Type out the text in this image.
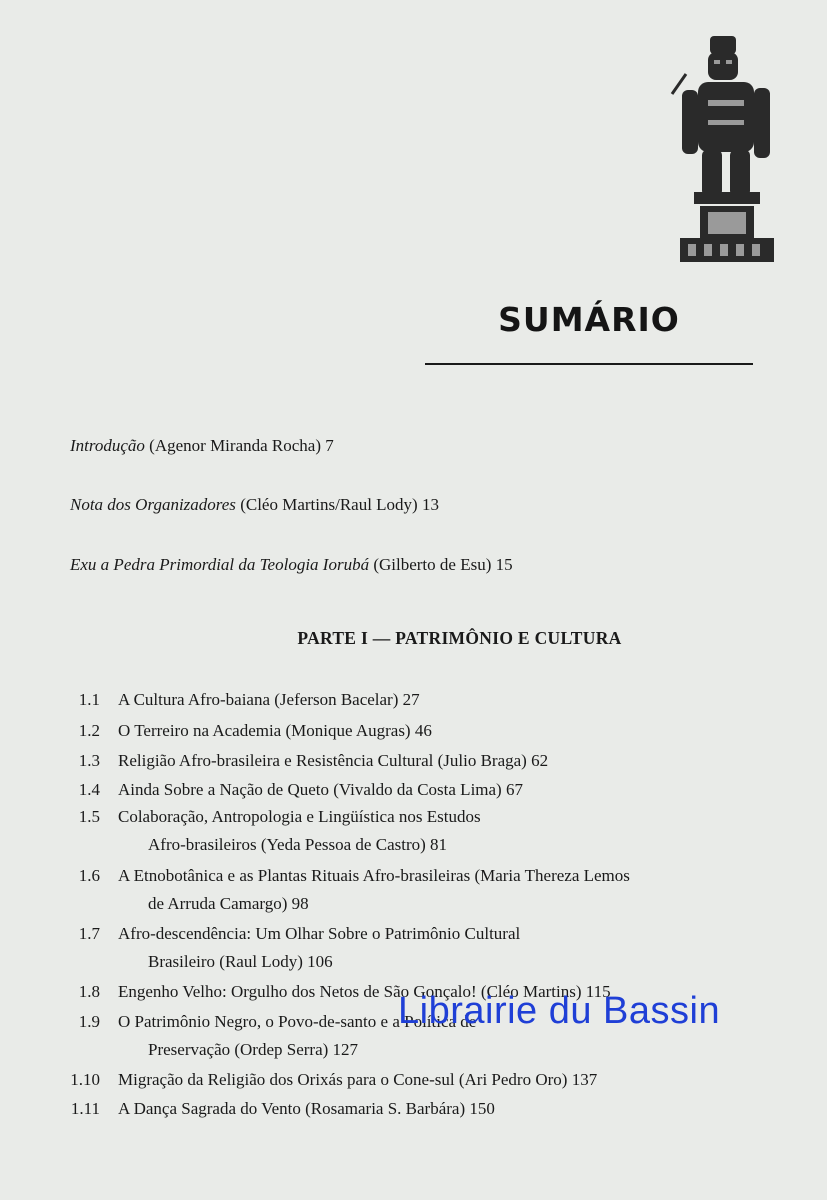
SUMÁRIO
Introdução (Agenor Miranda Rocha) 7
Nota dos Organizadores (Cléo Martins/Raul Lody) 13
Exu a Pedra Primordial da Teologia Iorubá (Gilberto de Esu) 15
PARTE I — PATRIMÔNIO E CULTURA
1.1 A Cultura Afro-baiana (Jeferson Bacelar) 27
1.2 O Terreiro na Academia (Monique Augras) 46
1.3 Religião Afro-brasileira e Resistência Cultural (Julio Braga) 62
1.4 Ainda Sobre a Nação de Queto (Vivaldo da Costa Lima) 67
1.5 Colaboração, Antropologia e Lingüística nos Estudos
Afro-brasileiros (Yeda Pessoa de Castro) 81
1.6 A Etnobotânica e as Plantas Rituais Afro-brasileiras (Maria Thereza Lemos
de Arruda Camargo) 98
1.7 Afro-descendência: Um Olhar Sobre o Patrimônio Cultural
Brasileiro (Raul Lody) 106
1.8 Engenho Velho: Orgulho dos Netos de São Gonçalo! (Cléo Martins) 115
1.9 O Patrimônio Negro, o Povo-de-santo e a Política de
Preservação (Ordep Serra) 127
1.10 Migração da Religião dos Orixás para o Cone-sul (Ari Pedro Oro) 137
1.11 A Dança Sagrada do Vento (Rosamaria S. Barbára) 150
Librairie du Bassin
